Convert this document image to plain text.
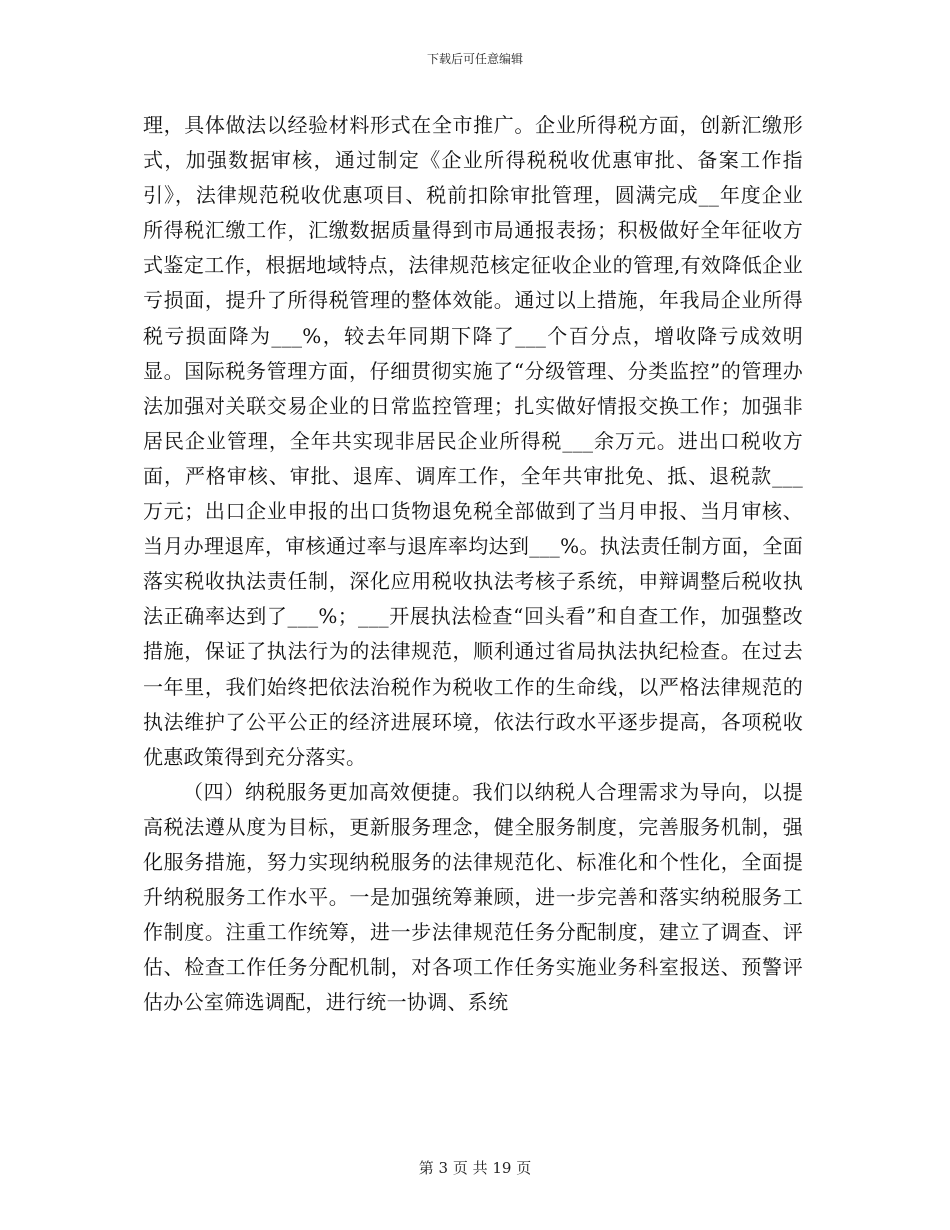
下载后可任意编辑

理，具体做法以经验材料形式在全市推广。企业所得税方面，创新汇缴形式，加强数据审核，通过制定《企业所得税税收优惠审批、备案工作指引》，法律规范税收优惠项目、税前扣除审批管理，圆满完成__年度企业所得税汇缴工作，汇缴数据质量得到市局通报表扬；积极做好全年征收方式鉴定工作，根据地域特点，法律规范核定征收企业的管理,有效降低企业亏损面，提升了所得税管理的整体效能。通过以上措施，年我局企业所得税亏损面降为___%，较去年同期下降了___个百分点，增收降亏成效明显。国际税务管理方面，仔细贯彻实施了“分级管理、分类监控”的管理办法加强对关联交易企业的日常监控管理；扎实做好情报交换工作；加强非居民企业管理，全年共实现非居民企业所得税___余万元。进出口税收方面，严格审核、审批、退库、调库工作，全年共审批免、抵、退税款___万元；出口企业申报的出口货物退免税全部做到了当月申报、当月审核、当月办理退库，审核通过率与退库率均达到___%。执法责任制方面，全面落实税收执法责任制，深化应用税收执法考核子系统，申辩调整后税收执法正确率达到了___%；___开展执法检查“回头看”和自查工作，加强整改措施，保证了执法行为的法律规范，顺利通过省局执法执纪检查。在过去一年里，我们始终把依法治税作为税收工作的生命线，以严格法律规范的执法维护了公平公正的经济进展环境，依法行政水平逐步提高，各项税收优惠政策得到充分落实。

（四）纳税服务更加高效便捷。我们以纳税人合理需求为导向，以提高税法遵从度为目标，更新服务理念，健全服务制度，完善服务机制，强化服务措施，努力实现纳税服务的法律规范化、标准化和个性化，全面提升纳税服务工作水平。一是加强统筹兼顾，进一步完善和落实纳税服务工作制度。注重工作统筹，进一步法律规范任务分配制度，建立了调查、评估、检查工作任务分配机制，对各项工作任务实施业务科室报送、预警评估办公室筛选调配，进行统一协调、系统

第 3 页 共 19 页
